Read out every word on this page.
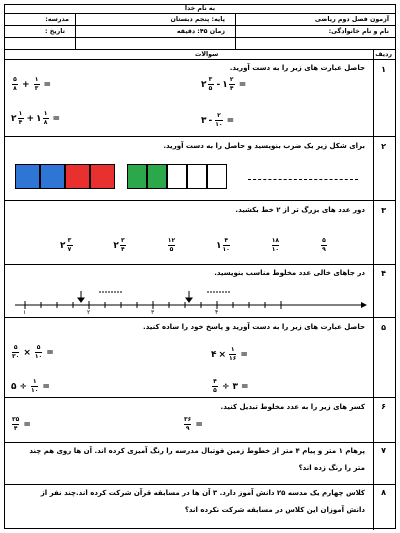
به نام خدا
آزمون فصل دوم ریاضی
پایه: پنجم دبستان
مدرسه:
نام و نام خانوادگی:
زمان ۴۵: دقیقه
تاریخ :
ردیف
سوالات
۱
۲
۳
۴
۵
۶
۷
۸
حاصل عبارت های زیر را به دست آورید.
$\frac{۵}{۸} + \frac{۱}{۳}$ =	۲ $\frac{۳}{۵}$ - ۱ $\frac{۲}{۴}$ =
۲ $\frac{۱}{۴}$ + ۱ $\frac{۱}{۸}$ =	۳ - $\frac{۲}{۱۰}$ =
برای شکل زیر یک ضرب بنویسید و حاصل را به دست آورید.
دور عدد های بزرگ تر از ۲ خط بکشید.
۲ $\frac{۳}{۷}$	۲ $\frac{۳}{۴}$	$\frac{۱۲}{۵}$	۱ $\frac{۴}{۱۰}$	$\frac{۱۸}{۱۰}$	$\frac{۵}{۹}$
در جاهای خالی عدد مخلوط مناسب بنویسید.
۱	۲	۳	۴
حاصل عبارت های زیر را به دست آورید و پاسخ خود را ساده کنید.
$\frac{۵}{۳۰} \times \frac{۵}{۱۰}$ =	۴ × $\frac{۱}{۱۶}$ =
۵ ÷ $\frac{۱}{۱۰}$ =	$\frac{۴}{۵}$ ÷ ۳ =
کسر های زیر را به عدد مخلوط تبدیل کنید.
$\frac{۳۵}{۴}$ =	$\frac{۳۶}{۹}$ =
پرهام ۱ متر و پیام ۴ متر از خطوط زمین فوتبال مدرسه را رنگ آمیزی کرده اند. آن ها روی هم چند
متر را رنگ زده اند؟
کلاس چهارم یک مدسه ۲۵ دانش آموز دارد. ۳ آن ها در مسابقه قرآن شرکت کرده اند.چند نفر از
دانش آموزان این کلاس در مسابقه شرکت نکرده اند؟
